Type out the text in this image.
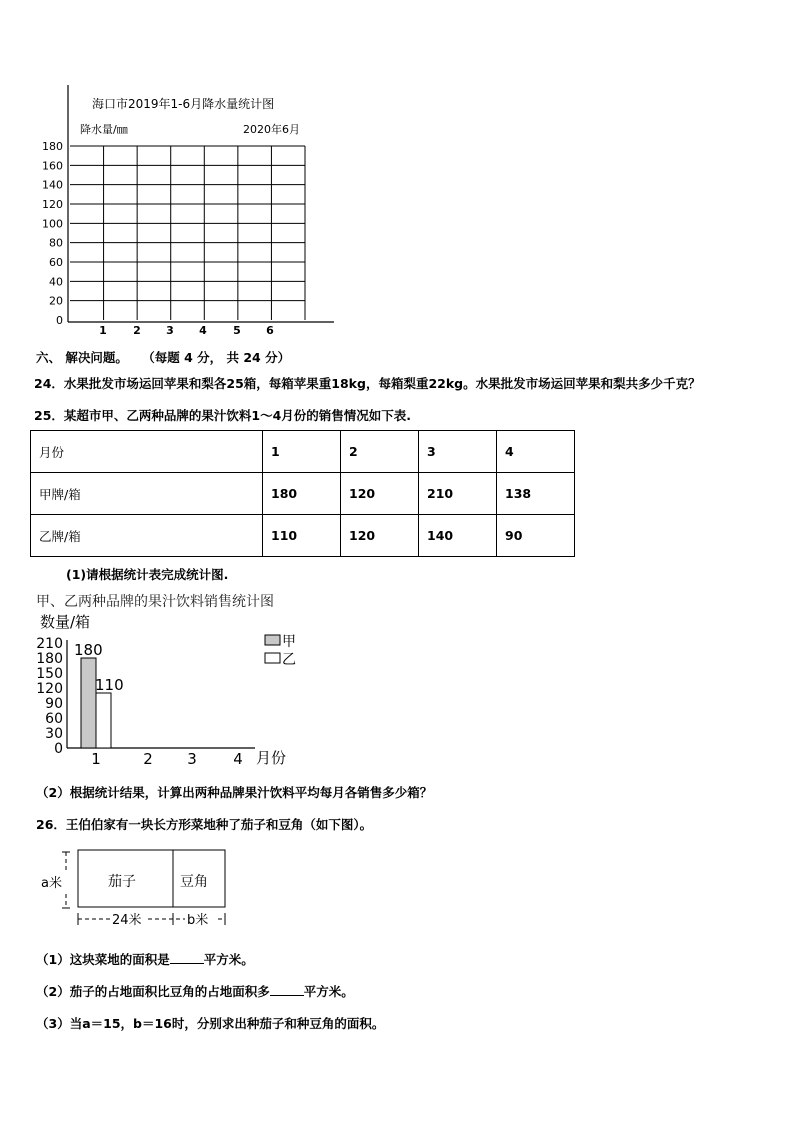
海口市2019年1-6月降水量统计图
降水量/㎜	2020年6月
0
20
40
60
80
100
120
140
160
180
1 2 3 4 5 6
六、 解决问题。 （每题 4 分， 共 24 分）
24．水果批发市场运回苹果和梨各25箱，每箱苹果重18kg，每箱梨重22kg。水果批发市场运回苹果和梨共多少千克？
25．某超市甲、乙两种品牌的果汁饮料1～4月份的销售情况如下表.
月份	1	2	3	4
甲牌/箱	180	120	210	138
乙牌/箱	110	120	140	90
(1)请根据统计表完成统计图.
甲、乙两种品牌的果汁饮料销售统计图
数量/箱
月份
甲
乙
0
30
60
90
120
150
180
210
1	2 3 4
180
110
（2）根据统计结果，计算出两种品牌果汁饮料平均每月各销售多少箱？
26．王伯伯家有一块长方形菜地种了茄子和豆角（如下图）。
a米	茄子	豆角
24米	b米
（1）这块菜地的面积是	平方米。
（2）茄子的占地面积比豆角的占地面积多	平方米。
（3）当a＝15，b＝16时，分别求出种茄子和种豆角的面积。
